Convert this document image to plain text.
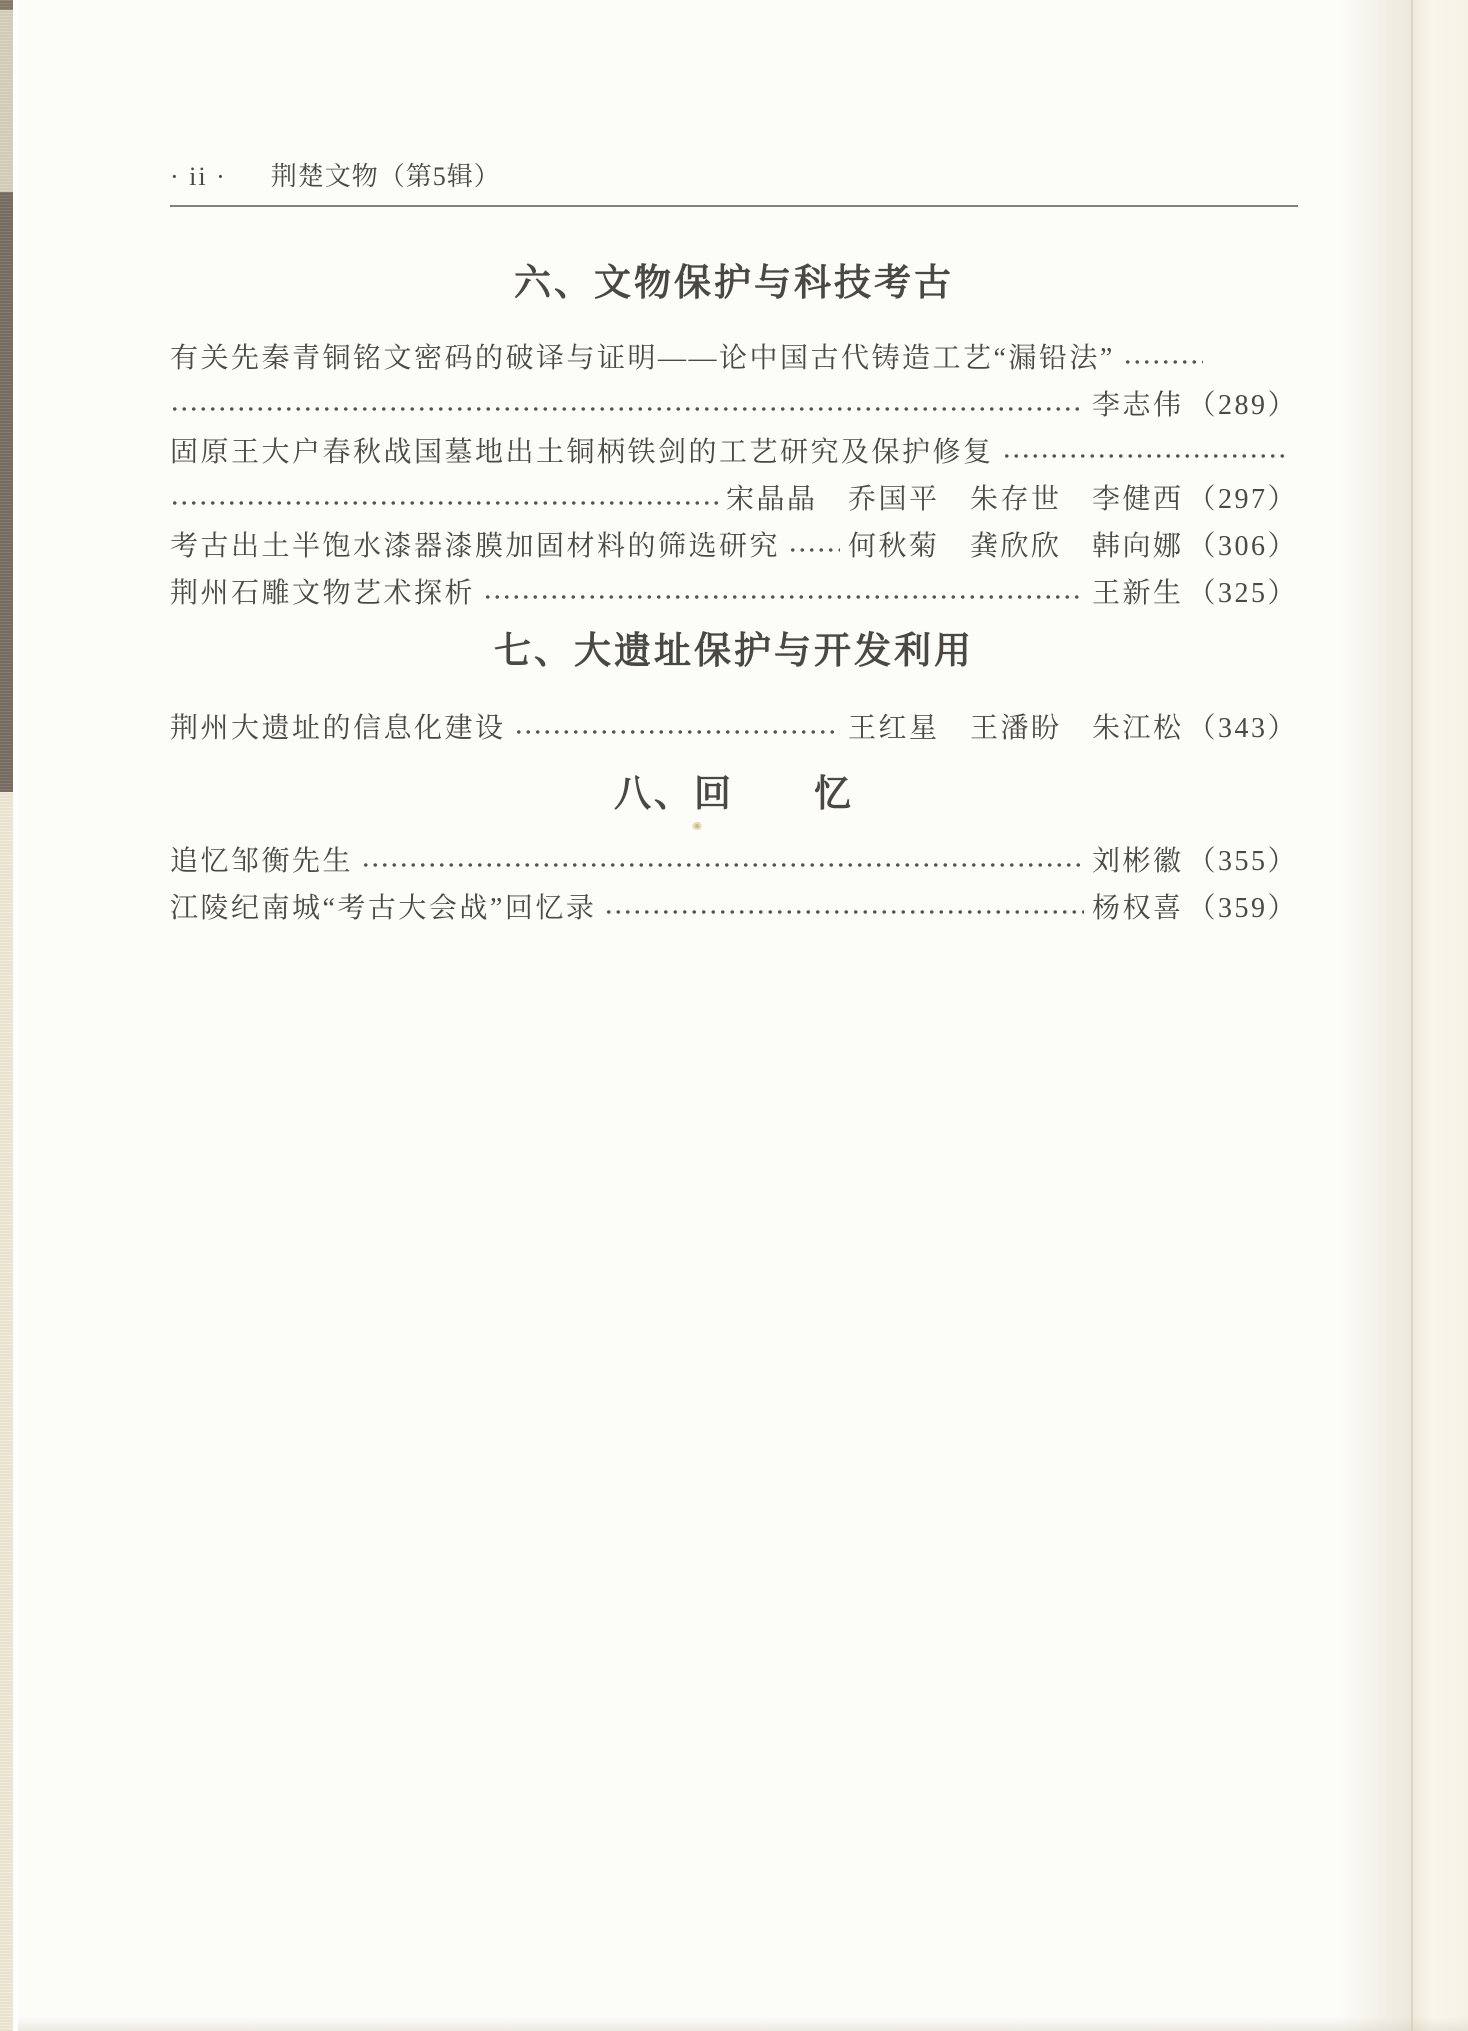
· ii · 荆楚文物（第5辑）
六、文物保护与科技考古
有关先秦青铜铭文密码的破译与证明——论中国古代铸造工艺“漏铅法”
李志伟 （289）
固原王大户春秋战国墓地出土铜柄铁剑的工艺研究及保护修复
宋晶晶　乔国平　朱存世　李健西 （297）
考古出土半饱水漆器漆膜加固材料的筛选研究 何秋菊　龚欣欣　韩向娜 （306）
荆州石雕文物艺术探析	王新生 （325）
七、大遗址保护与开发利用
荆州大遗址的信息化建设	王红星　王潘盼　朱江松 （343）
八、回　　忆
追忆邹衡先生	刘彬徽 （355）
江陵纪南城“考古大会战”回忆录	杨权喜 （359）
